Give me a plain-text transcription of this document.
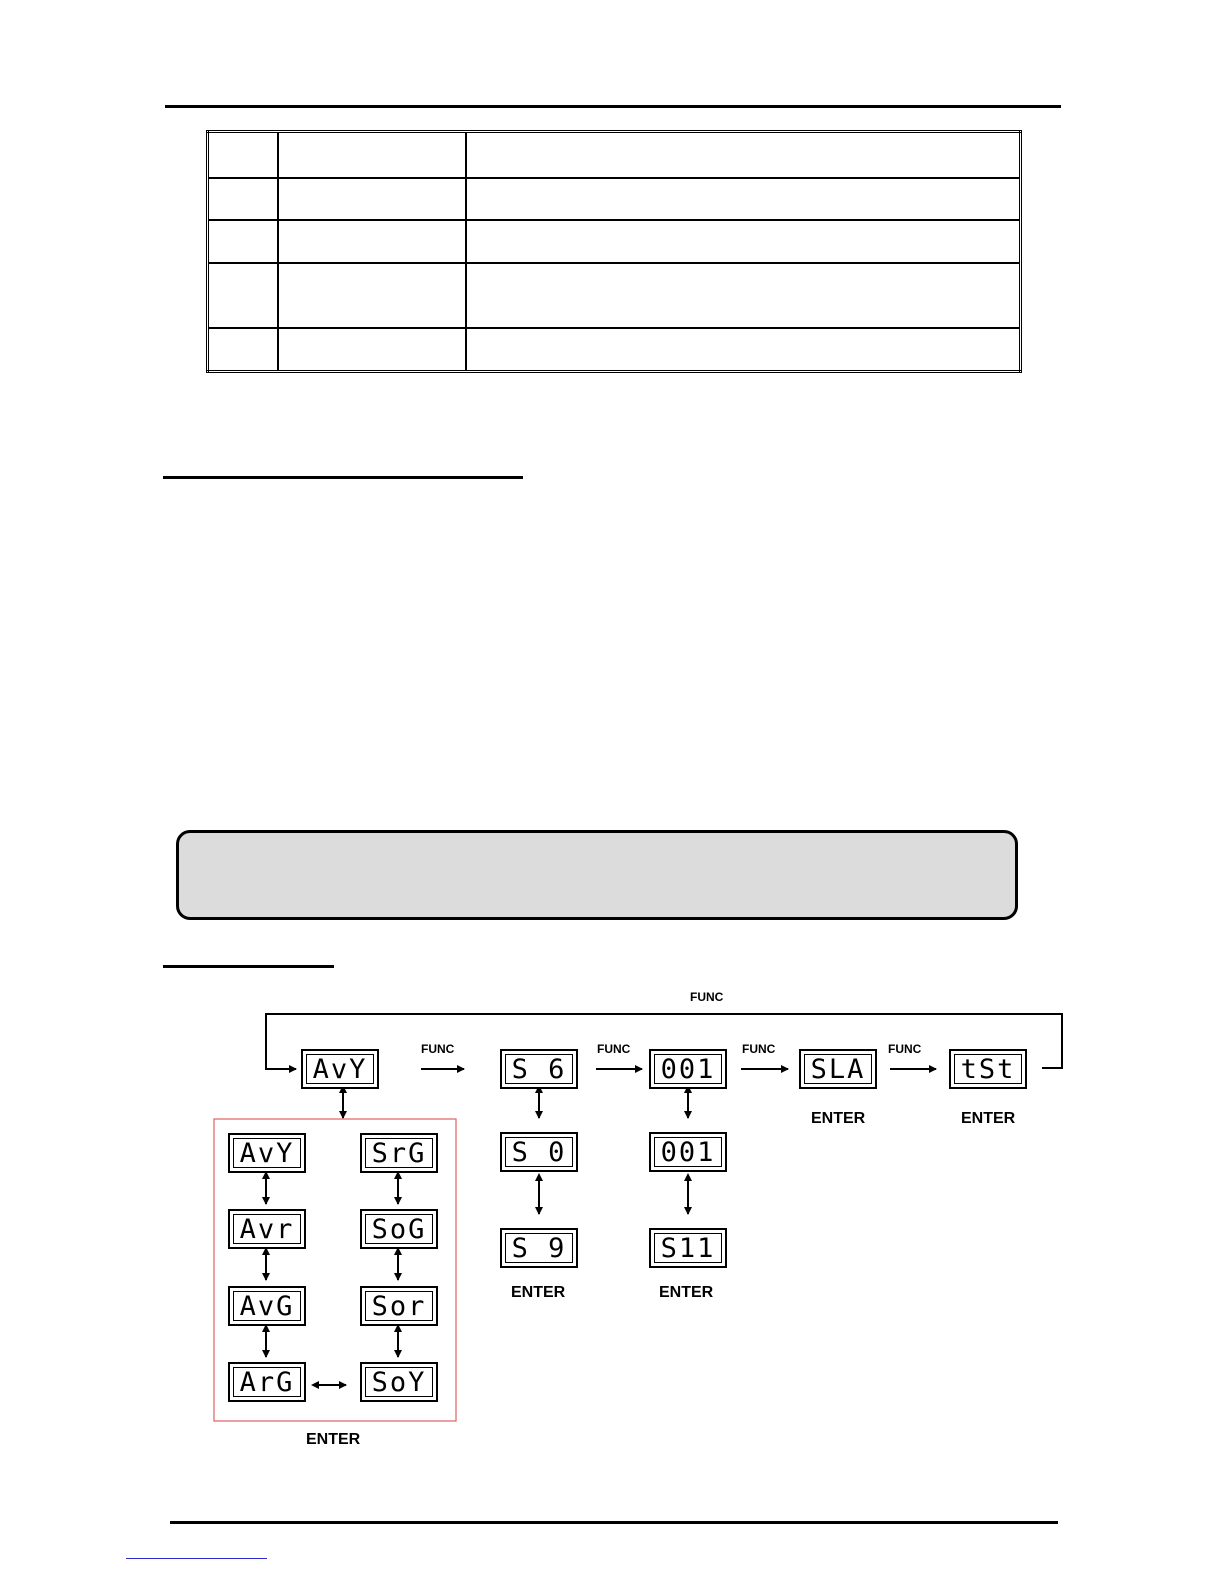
AvY	S 6	001	SLA	tSt
FUNC
FUNC	FUNC	FUNC	FUNC
ENTER	ENTER
ENTER	ENTER
ENTER
S 0
S 9
001
S11
AvY
Avr
AvG
ArG
SrG
SoG
Sor
SoY
